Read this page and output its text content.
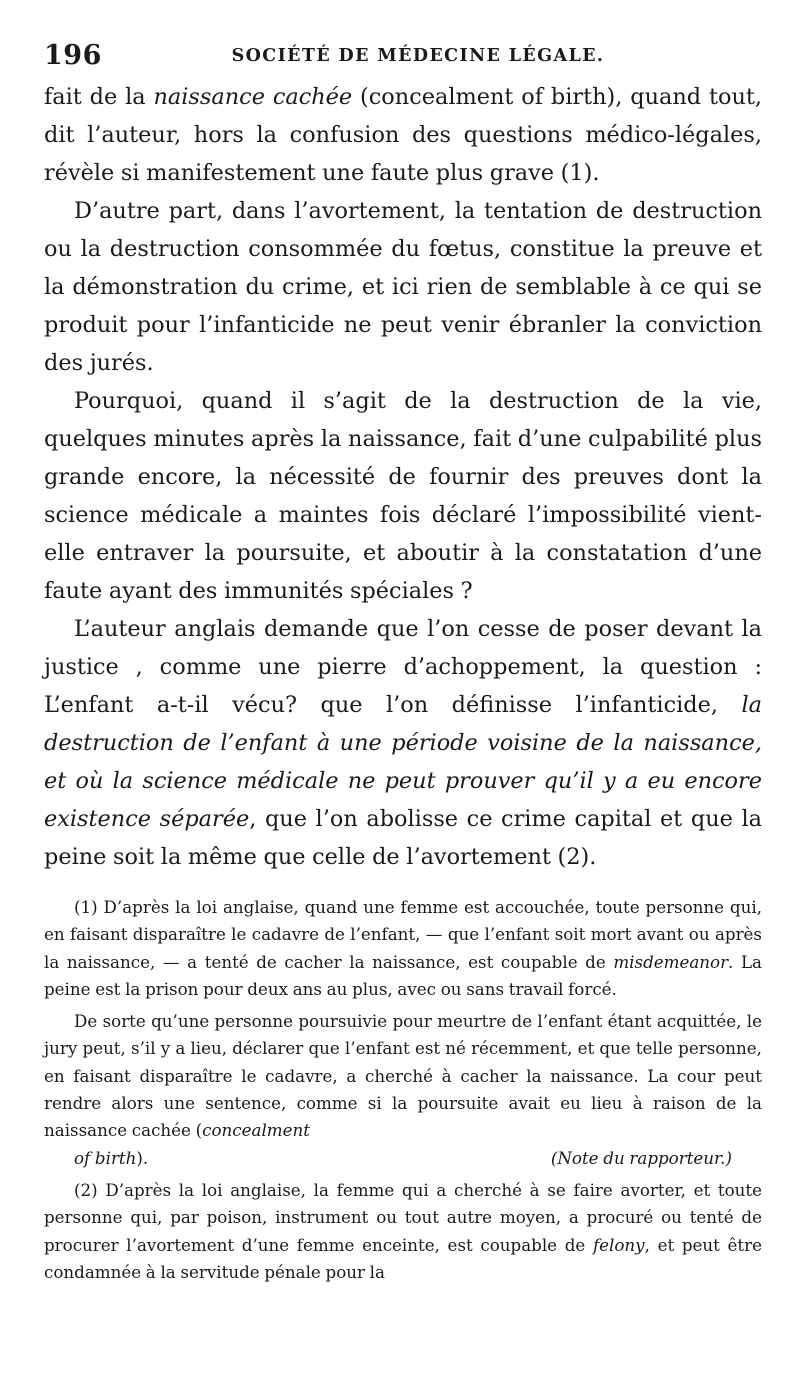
196	SOCIÉTÉ DE MÉDECINE LÉGALE.

fait de la naissance cachée (concealment of birth), quand tout, dit l’auteur, hors la confusion des questions médico-légales, révèle si manifestement une faute plus grave (1).

D’autre part, dans l’avortement, la tentation de destruction ou la destruction consommée du fœtus, constitue la preuve et la démonstration du crime, et ici rien de semblable à ce qui se produit pour l’infanticide ne peut venir ébranler la conviction des jurés.

Pourquoi, quand il s’agit de la destruction de la vie, quelques minutes après la naissance, fait d’une culpabilité plus grande encore, la nécessité de fournir des preuves dont la science médicale a maintes fois déclaré l’impossibilité vient-elle entraver la poursuite, et aboutir à la constatation d’une faute ayant des immunités spéciales ?

L’auteur anglais demande que l’on cesse de poser devant la justice , comme une pierre d’achoppement, la question : L’enfant a-t-il vécu? que l’on définisse l’infanticide, la destruction de l’enfant à une période voisine de la naissance, et où la science médicale ne peut prouver qu’il y a eu encore existence séparée, que l’on abolisse ce crime capital et que la peine soit la même que celle de l’avortement (2).

(1) D’après la loi anglaise, quand une femme est accouchée, toute personne qui, en faisant disparaître le cadavre de l’enfant, — que l’enfant soit mort avant ou après la naissance, — a tenté de cacher la naissance, est coupable de misdemeanor. La peine est la prison pour deux ans au plus, avec ou sans travail forcé.

De sorte qu’une personne poursuivie pour meurtre de l’enfant étant acquittée, le jury peut, s’il y a lieu, déclarer que l’enfant est né récemment, et que telle personne, en faisant disparaître le cadavre, a cherché à cacher la naissance. La cour peut rendre alors une sentence, comme si la poursuite avait eu lieu à raison de la naissance cachée (concealment

of birth).	(Note du rapporteur.)

(2) D’après la loi anglaise, la femme qui a cherché à se faire avorter, et toute personne qui, par poison, instrument ou tout autre moyen, a procuré ou tenté de procurer l’avortement d’une femme enceinte, est coupable de felony, et peut être condamnée à la servitude pénale pour la
